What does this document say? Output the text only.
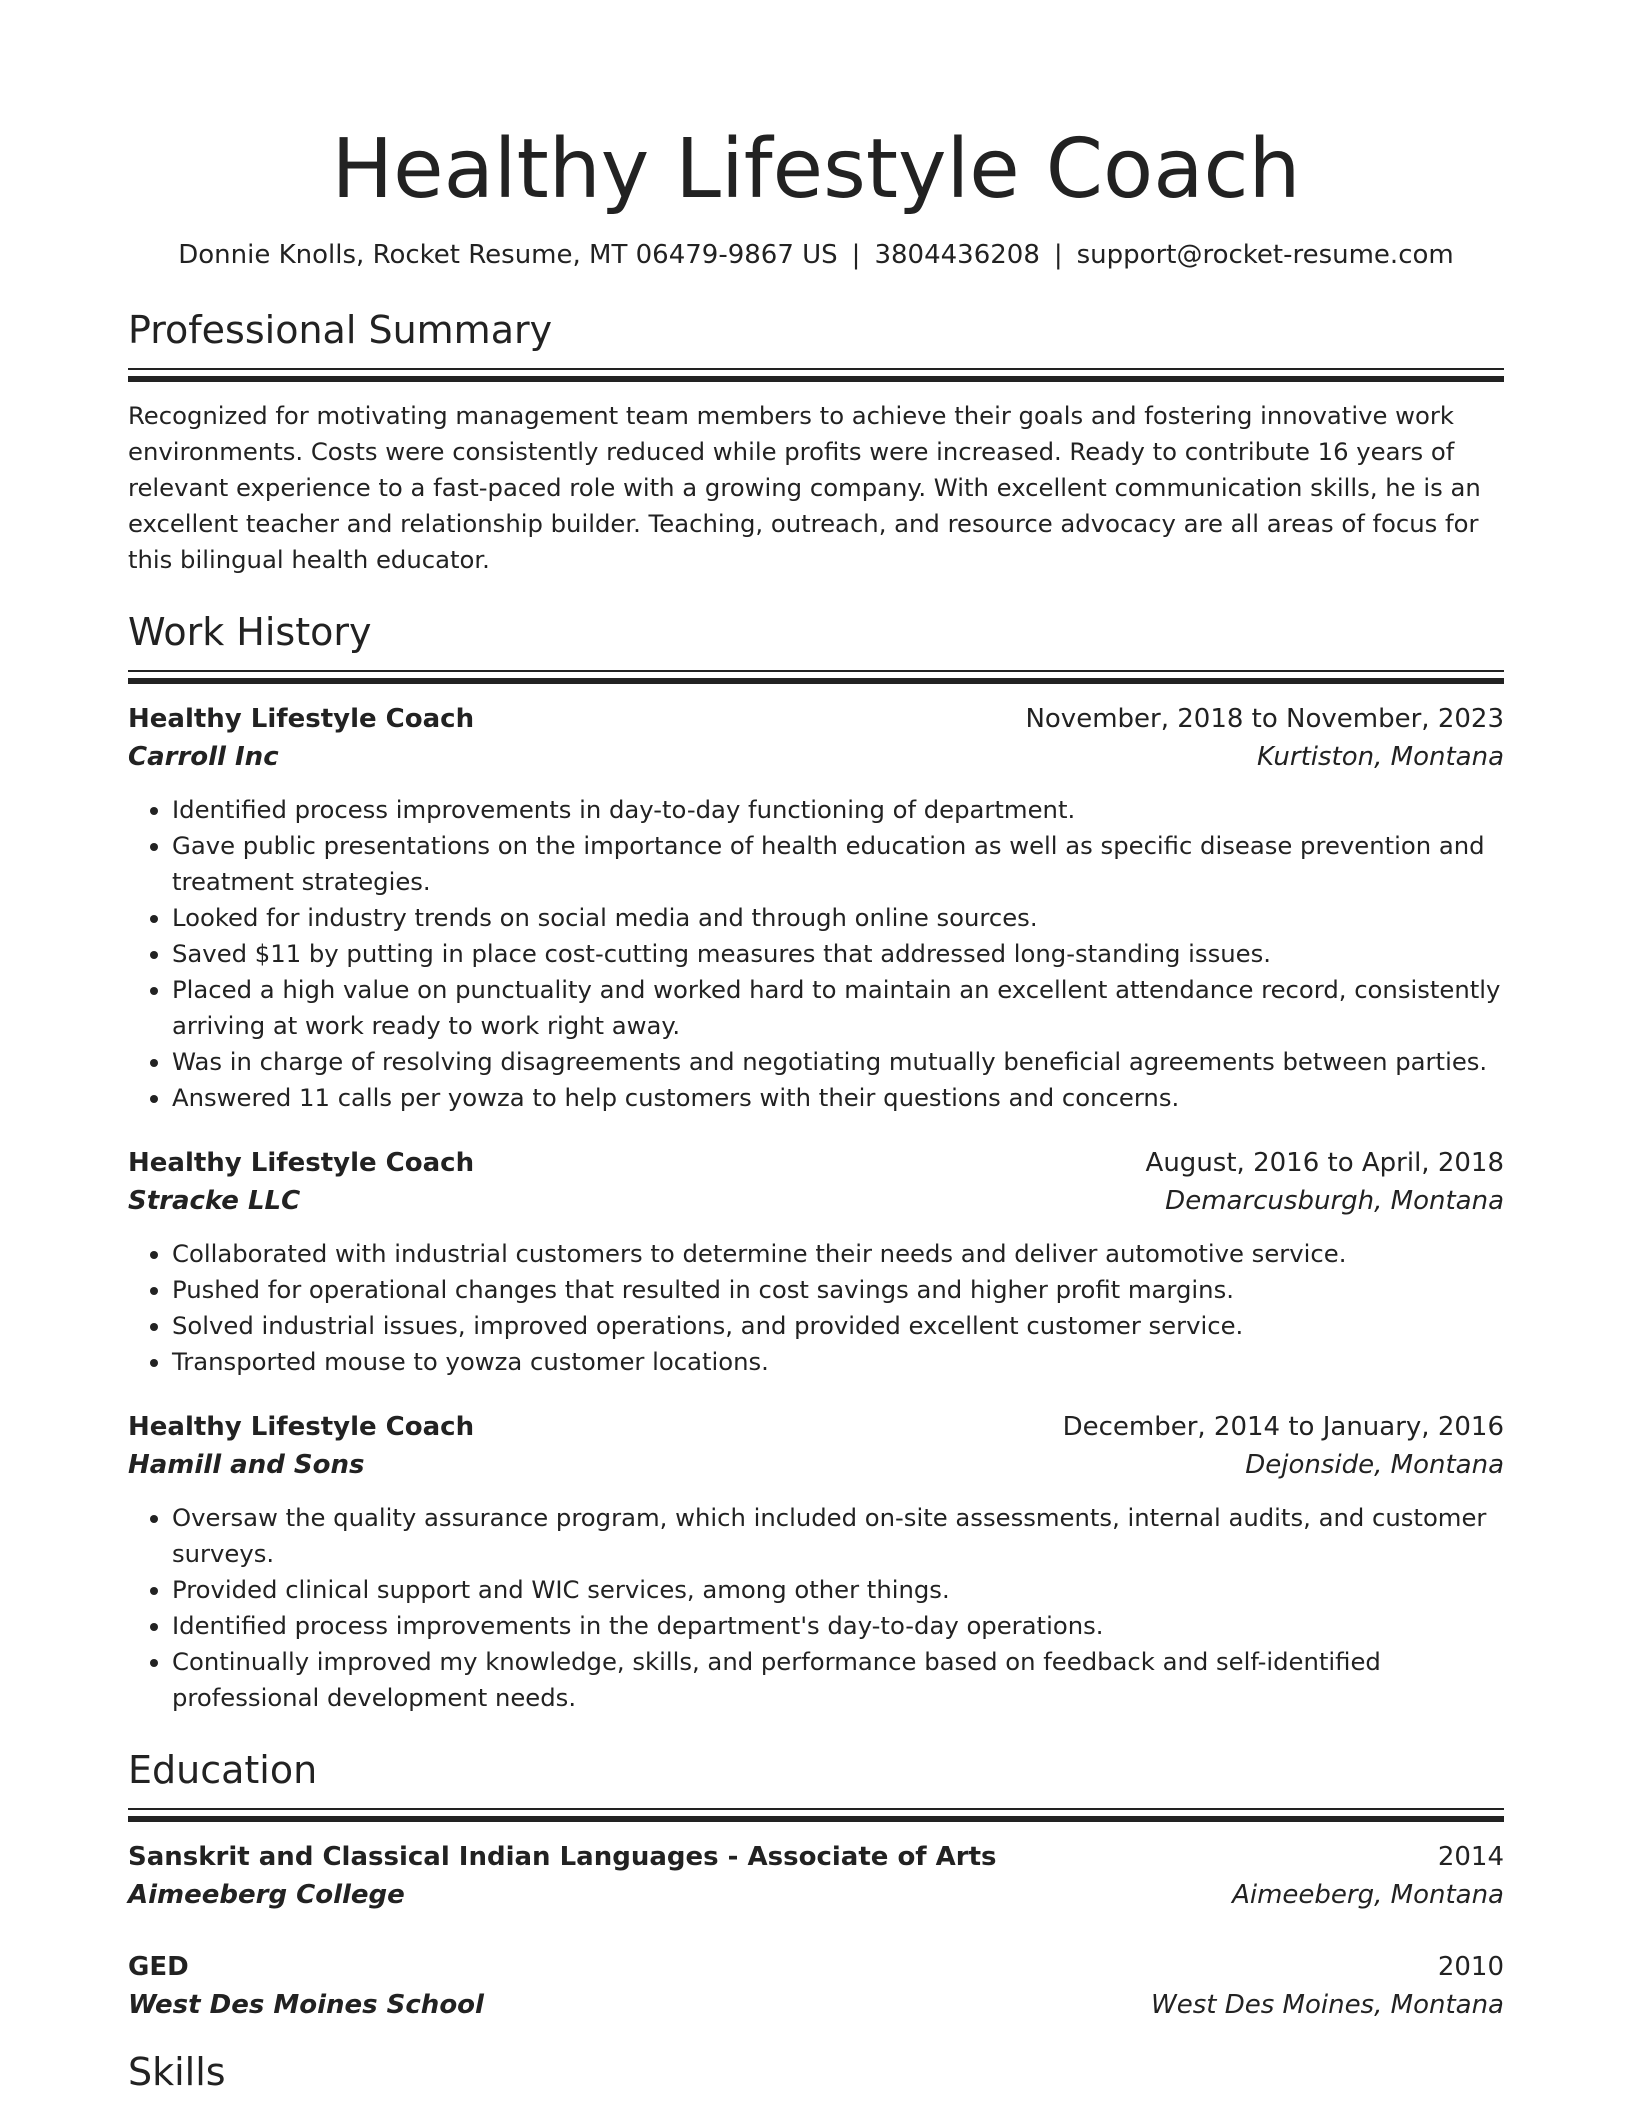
Healthy Lifestyle Coach
Donnie Knolls, Rocket Resume, MT 06479-9867 US | 3804436208 | support@rocket-resume.com
Professional Summary
Recognized for motivating management team members to achieve their goals and fostering innovative work environments. Costs were consistently reduced while profits were increased. Ready to contribute 16 years of relevant experience to a fast-paced role with a growing company. With excellent communication skills, he is an excellent teacher and relationship builder. Teaching, outreach, and resource advocacy are all areas of focus for this bilingual health educator.
Work History
Healthy Lifestyle Coach	November, 2018 to November, 2023
Carroll Inc	Kurtiston, Montana
• Identified process improvements in day-to-day functioning of department.
• Gave public presentations on the importance of health education as well as specific disease prevention and treatment strategies.
• Looked for industry trends on social media and through online sources.
• Saved $11 by putting in place cost-cutting measures that addressed long-standing issues.
• Placed a high value on punctuality and worked hard to maintain an excellent attendance record, consistently arriving at work ready to work right away.
• Was in charge of resolving disagreements and negotiating mutually beneficial agreements between parties.
• Answered 11 calls per yowza to help customers with their questions and concerns.
Healthy Lifestyle Coach	August, 2016 to April, 2018
Stracke LLC	Demarcusburgh, Montana
• Collaborated with industrial customers to determine their needs and deliver automotive service.
• Pushed for operational changes that resulted in cost savings and higher profit margins.
• Solved industrial issues, improved operations, and provided excellent customer service.
• Transported mouse to yowza customer locations.
Healthy Lifestyle Coach	December, 2014 to January, 2016
Hamill and Sons	Dejonside, Montana
• Oversaw the quality assurance program, which included on-site assessments, internal audits, and customer surveys.
• Provided clinical support and WIC services, among other things.
• Identified process improvements in the department's day-to-day operations.
• Continually improved my knowledge, skills, and performance based on feedback and self-identified professional development needs.
Education
Sanskrit and Classical Indian Languages - Associate of Arts	2014
Aimeeberg College	Aimeeberg, Montana
GED	2010
West Des Moines School	West Des Moines, Montana
Skills
